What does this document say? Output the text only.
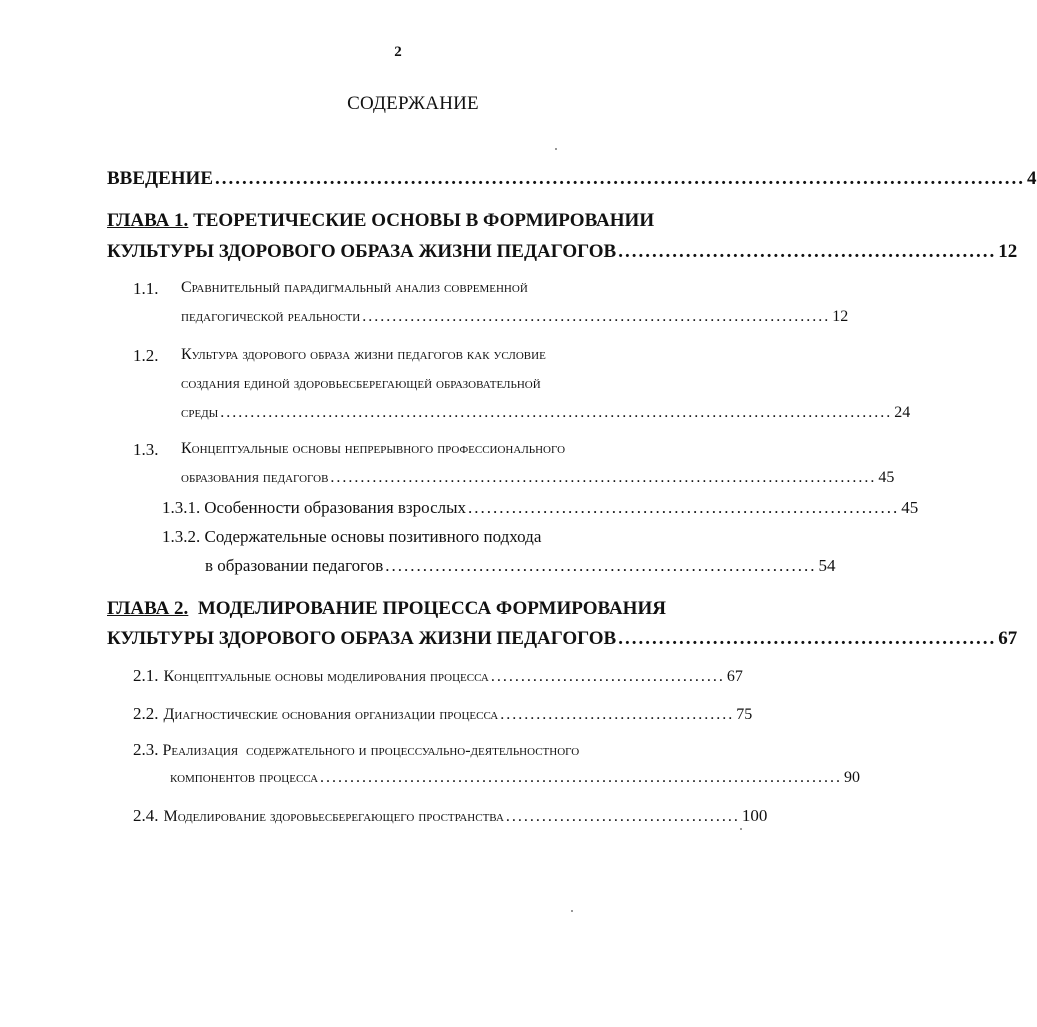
2
СОДЕРЖАНИЕ
ВВЕДЕНИЕ ........................................................................................................................ 4
ГЛАВА 1. ТЕОРЕТИЧЕСКИЕ ОСНОВЫ В ФОРМИРОВАНИИ
КУЛЬТУРЫ ЗДОРОВОГО ОБРАЗА ЖИЗНИ ПЕДАГОГОВ ........................................................ 12
1.1. Сравнительный парадигмальный анализ современной
педагогической реальности .............................................................................. 12
1.2. Культура здорового образа жизни педагогов как условие
создания единой здоровьесберегающей образовательной
среды ................................................................................................................ 24
1.3. Концептуальные основы непрерывного профессионального
образования педагогов ........................................................................................... 45
1.3.1. Особенности образования взрослых ..................................................................... 45
1.3.2. Содержательные основы позитивного подхода
в образовании педагогов ..................................................................... 54
ГЛАВА 2.  МОДЕЛИРОВАНИЕ ПРОЦЕССА ФОРМИРОВАНИЯ
КУЛЬТУРЫ ЗДОРОВОГО ОБРАЗА ЖИЗНИ ПЕДАГОГОВ ........................................................ 67
2.1. Концептуальные основы моделирования процесса ....................................... 67
2.2. Диагностические основания организации процесса ....................................... 75
2.3. Реализация  содержательного и процессуально-деятельностного
компонентов процесса ....................................................................................... 90
2.4. Моделирование здоровьесберегающего пространства ....................................... 100
